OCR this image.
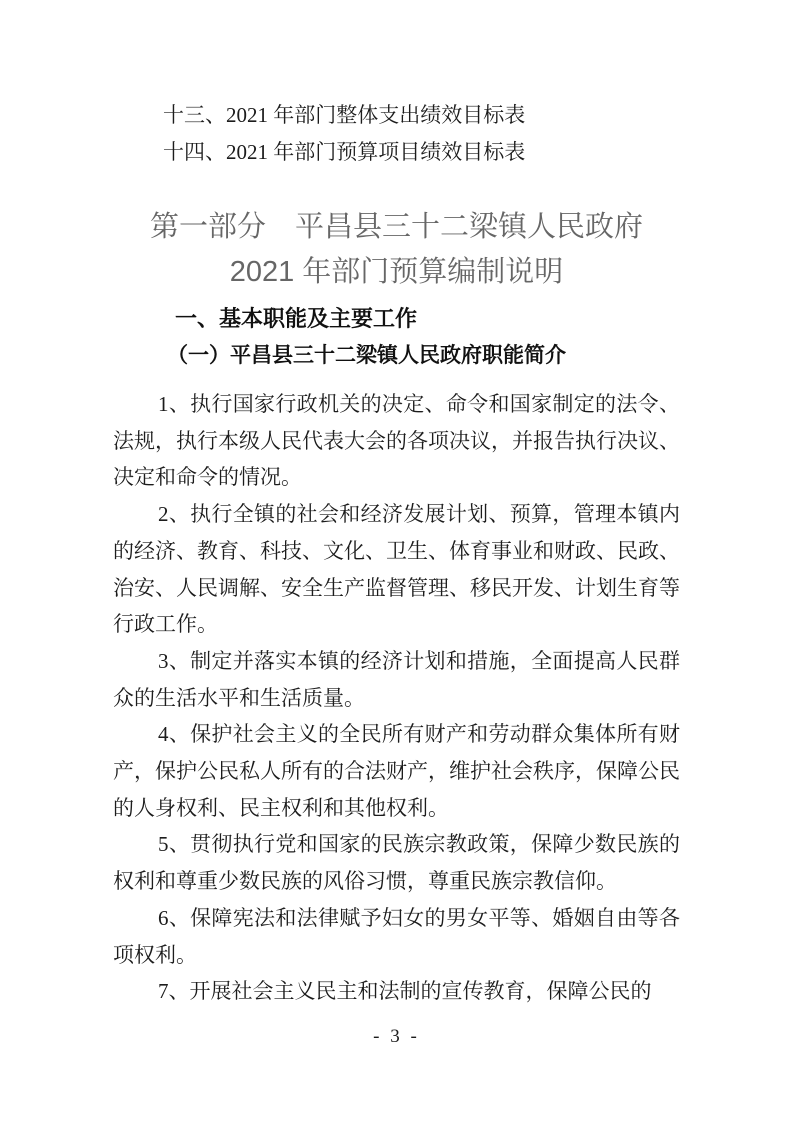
十三、2021 年部门整体支出绩效目标表

十四、2021 年部门预算项目绩效目标表

第一部分　平昌县三十二梁镇人民政府
2021 年部门预算编制说明

一、基本职能及主要工作

（一）平昌县三十二梁镇人民政府职能简介

1、执行国家行政机关的决定、命令和国家制定的法令、法规，执行本级人民代表大会的各项决议，并报告执行决议、决定和命令的情况。

2、执行全镇的社会和经济发展计划、预算，管理本镇内的经济、教育、科技、文化、卫生、体育事业和财政、民政、治安、人民调解、安全生产监督管理、移民开发、计划生育等行政工作。

3、制定并落实本镇的经济计划和措施，全面提高人民群众的生活水平和生活质量。

4、保护社会主义的全民所有财产和劳动群众集体所有财产，保护公民私人所有的合法财产，维护社会秩序，保障公民的人身权利、民主权利和其他权利。

5、贯彻执行党和国家的民族宗教政策，保障少数民族的权利和尊重少数民族的风俗习惯，尊重民族宗教信仰。

6、保障宪法和法律赋予妇女的男女平等、婚姻自由等各项权利。

7、开展社会主义民主和法制的宣传教育，保障公民的

- 3 -
